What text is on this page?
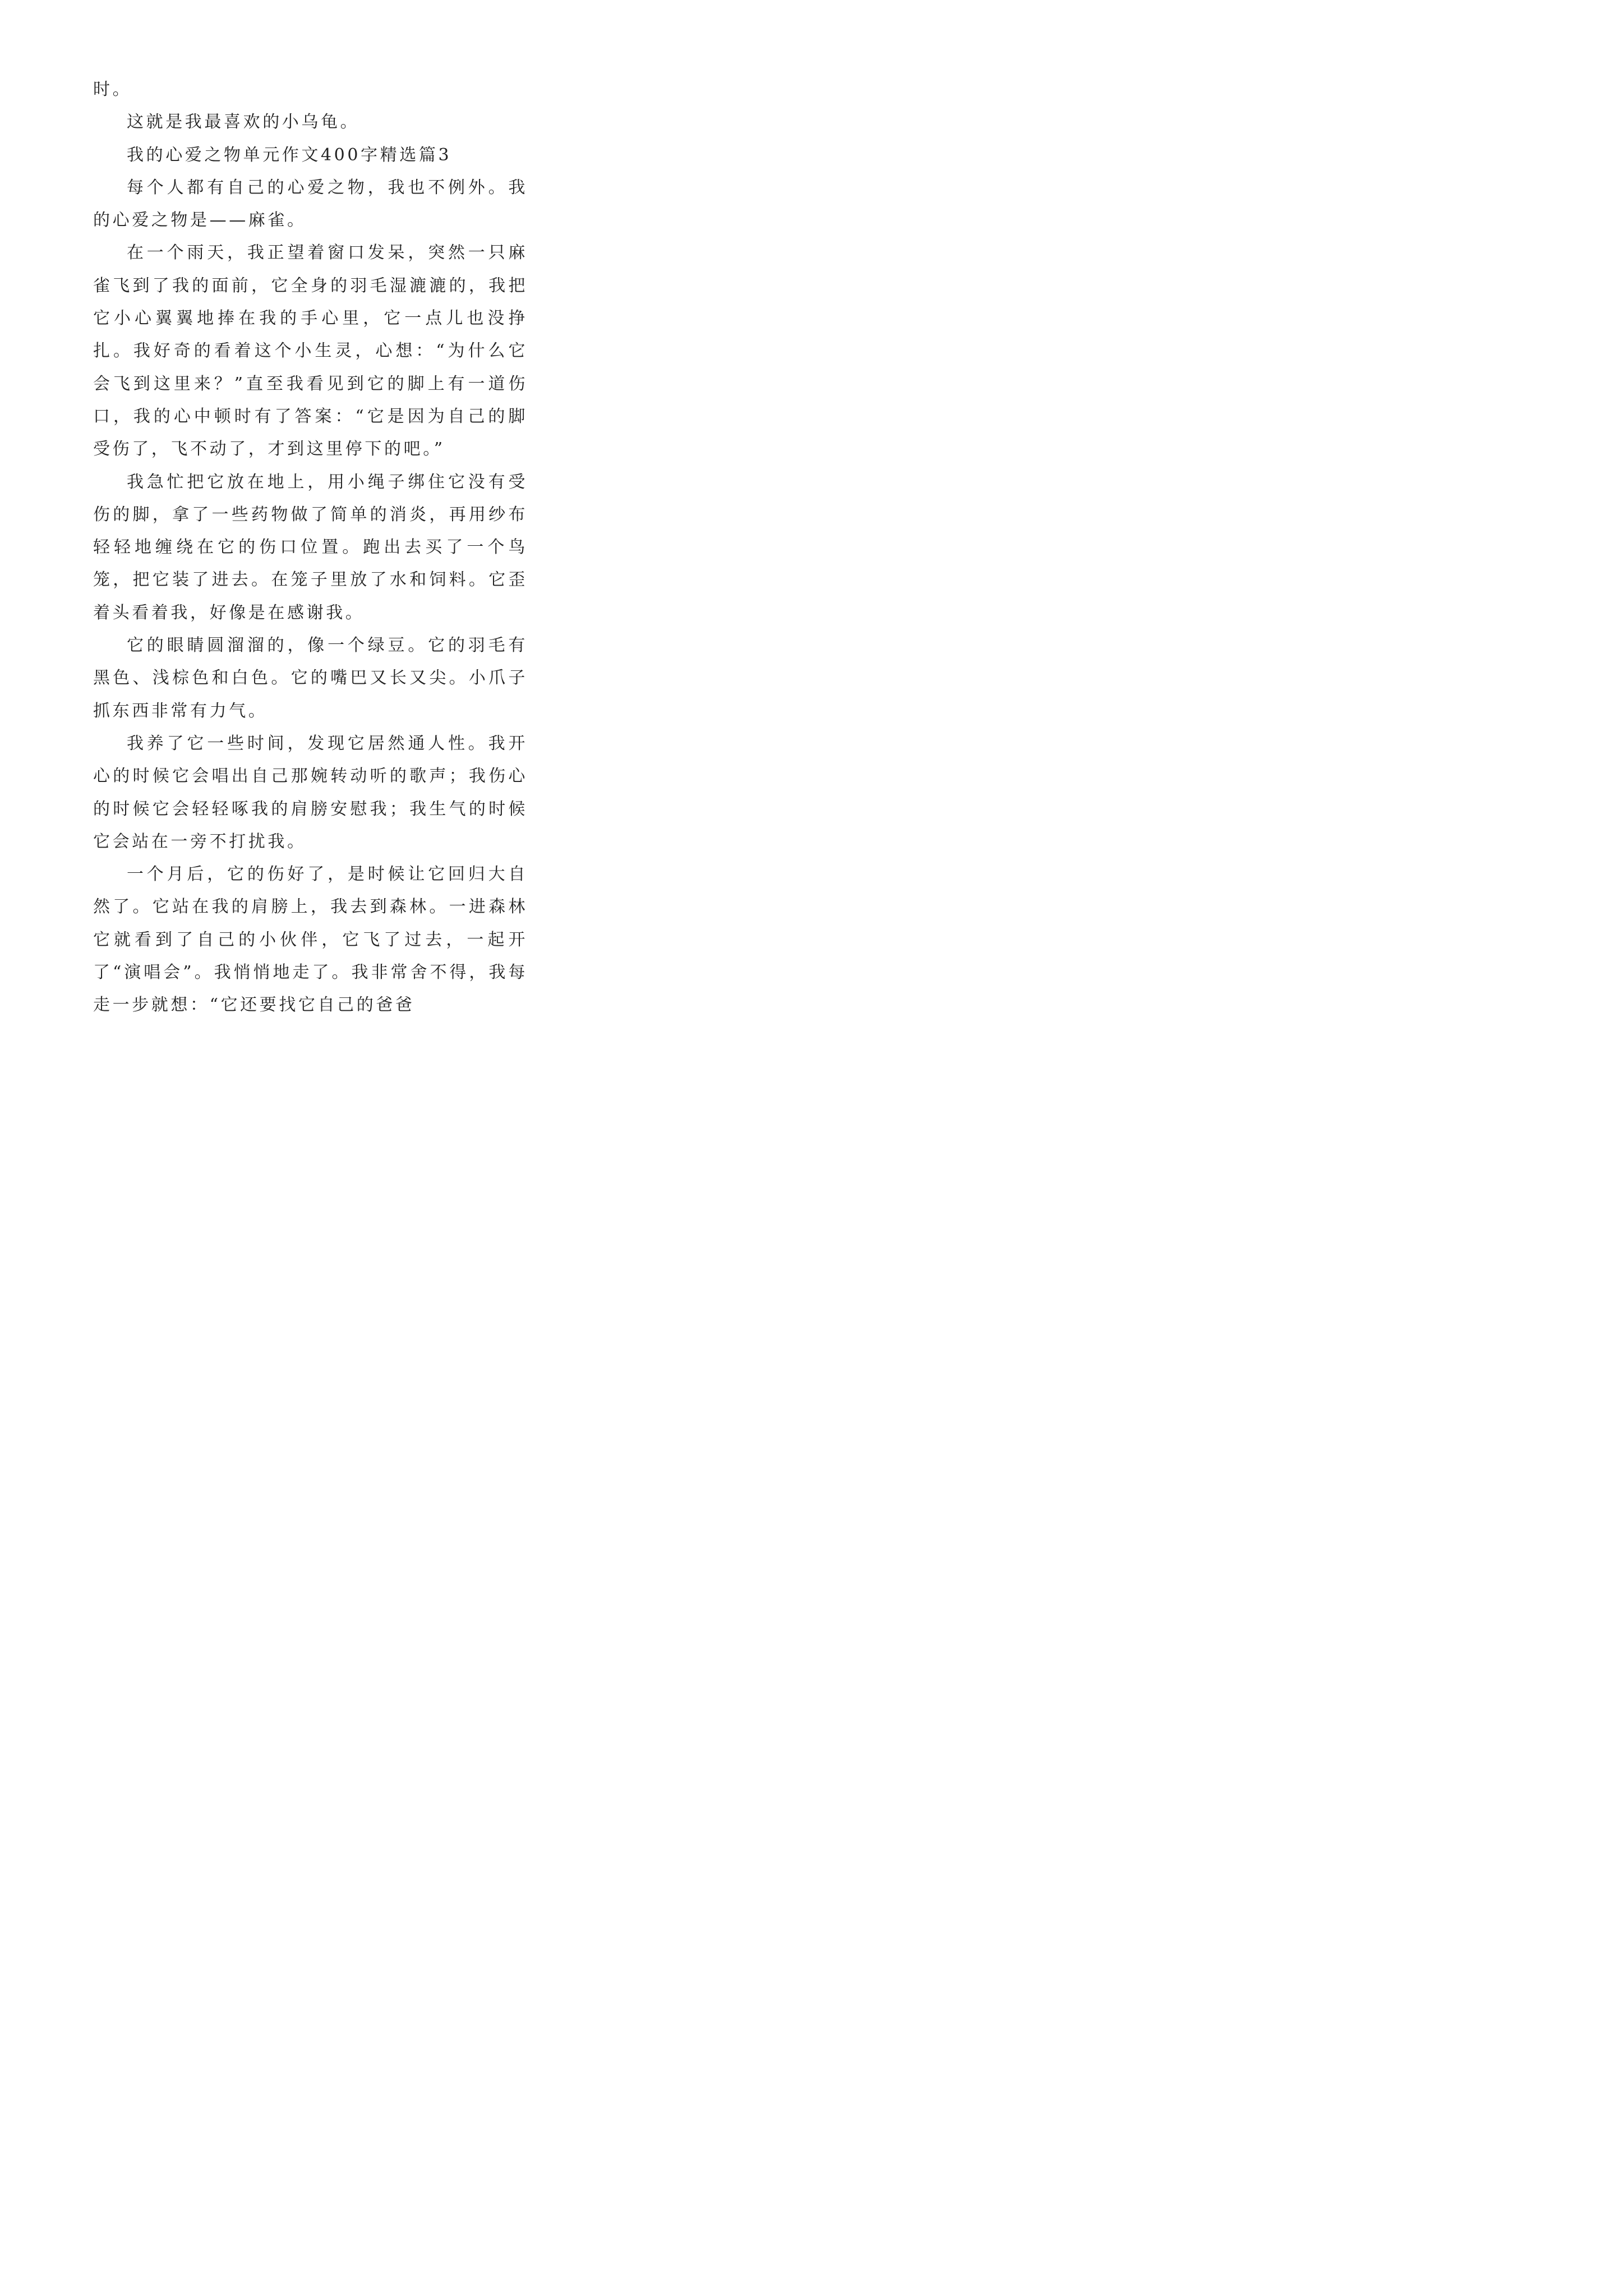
时。

这就是我最喜欢的小乌龟。

我的心爱之物单元作文400字精选篇3

每个人都有自己的心爱之物，我也不例外。我的心爱之物是——麻雀。

在一个雨天，我正望着窗口发呆，突然一只麻雀飞到了我的面前，它全身的羽毛湿漉漉的，我把它小心翼翼地捧在我的手心里，它一点儿也没挣扎。我好奇的看着这个小生灵，心想：“为什么它会飞到这里来？”直至我看见到它的脚上有一道伤口，我的心中顿时有了答案：“它是因为自己的脚受伤了，飞不动了，才到这里停下的吧。”

我急忙把它放在地上，用小绳子绑住它没有受伤的脚，拿了一些药物做了简单的消炎，再用纱布轻轻地缠绕在它的伤口位置。跑出去买了一个鸟笼，把它装了进去。在笼子里放了水和饲料。它歪着头看着我，好像是在感谢我。

它的眼睛圆溜溜的，像一个绿豆。它的羽毛有黑色、浅棕色和白色。它的嘴巴又长又尖。小爪子抓东西非常有力气。

我养了它一些时间，发现它居然通人性。我开心的时候它会唱出自己那婉转动听的歌声；我伤心的时候它会轻轻啄我的肩膀安慰我；我生气的时候它会站在一旁不打扰我。

一个月后，它的伤好了，是时候让它回归大自然了。它站在我的肩膀上，我去到森林。一进森林它就看到了自己的小伙伴，它飞了过去，一起开了“演唱会”。我悄悄地走了。我非常舍不得，我每走一步就想：“它还要找它自己的爸爸
